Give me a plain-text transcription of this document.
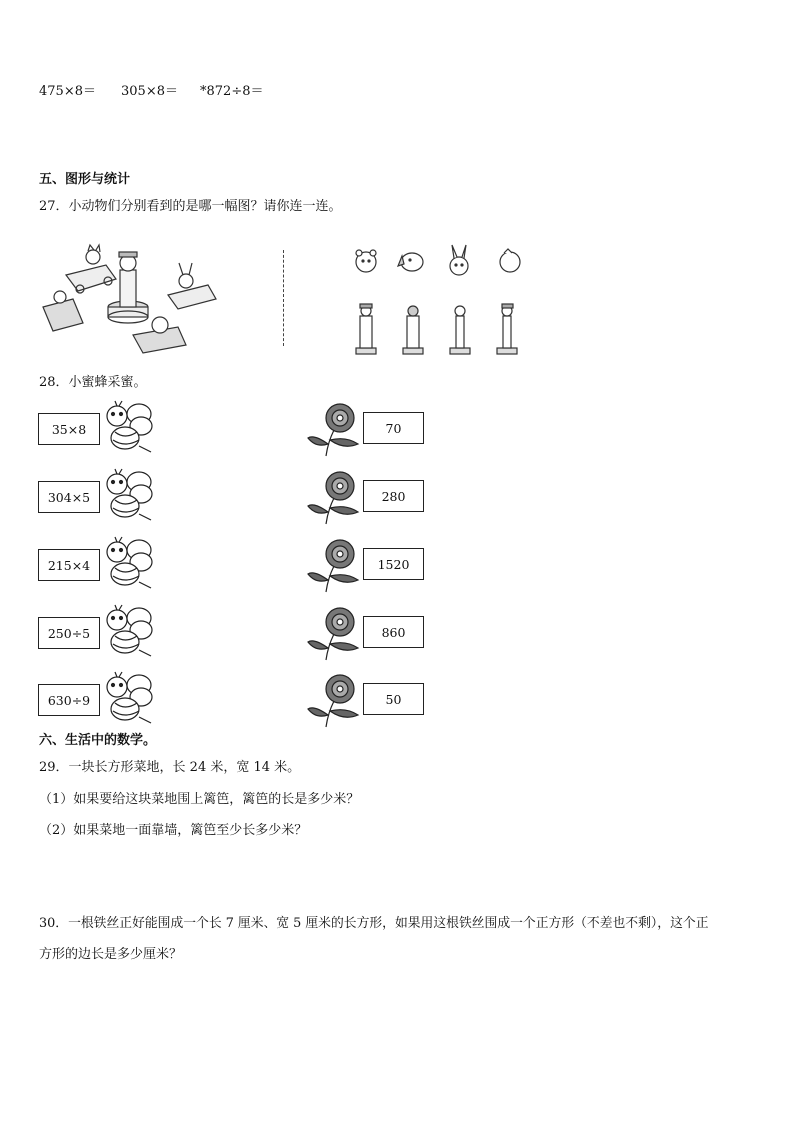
475×8＝ 305×8＝ *872÷8＝
五、图形与统计
27．小动物们分别看到的是哪一幅图？请你连一连。
28．小蜜蜂采蜜。
35×8
304×5
215×4
250÷5
630÷9
70
280
1520
860
50
六、生活中的数学。
29．一块长方形菜地，长 24 米，宽 14 米。
（1）如果要给这块菜地围上篱笆，篱笆的长是多少米？
（2）如果菜地一面靠墙，篱笆至少长多少米？
30．一根铁丝正好能围成一个长 7 厘米、宽 5 厘米的长方形，如果用这根铁丝围成一个正方形（不差也不剩），这个正
方形的边长是多少厘米？
